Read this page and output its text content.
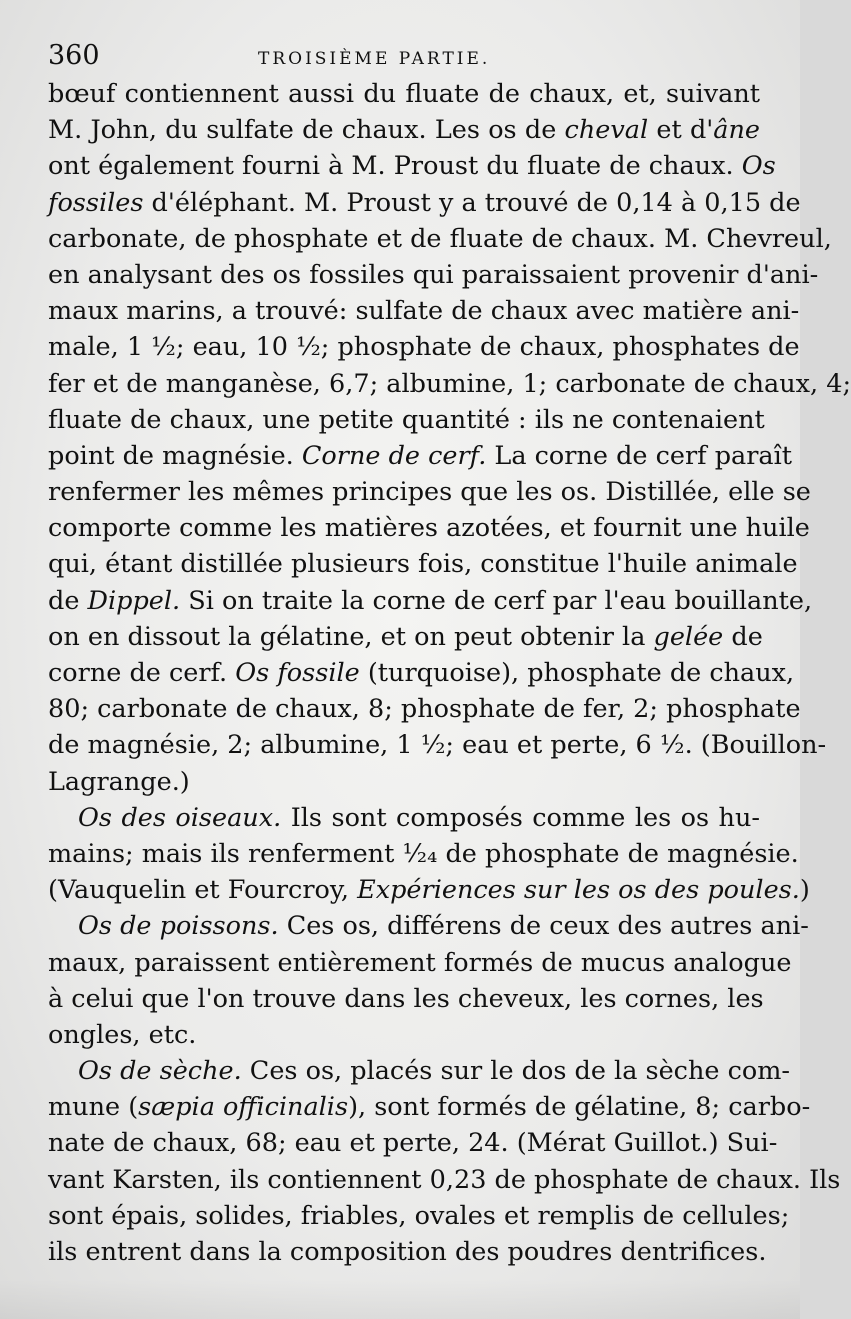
360	TROISIÈME PARTIE.
bœuf contiennent aussi du fluate de chaux, et, suivant
M. John, du sulfate de chaux. Les os de cheval et d'âne
ont également fourni à M. Proust du fluate de chaux. Os
fossiles d'éléphant. M. Proust y a trouvé de 0,14 à 0,15 de
carbonate, de phosphate et de fluate de chaux. M. Chevreul,
en analysant des os fossiles qui paraissaient provenir d'ani-
maux marins, a trouvé: sulfate de chaux avec matière ani-
male, 1 ½; eau, 10 ½; phosphate de chaux, phosphates de
fer et de manganèse, 6,7; albumine, 1; carbonate de chaux, 4;
fluate de chaux, une petite quantité : ils ne contenaient
point de magnésie. Corne de cerf. La corne de cerf paraît
renfermer les mêmes principes que les os. Distillée, elle se
comporte comme les matières azotées, et fournit une huile
qui, étant distillée plusieurs fois, constitue l'huile animale
de Dippel. Si on traite la corne de cerf par l'eau bouillante,
on en dissout la gélatine, et on peut obtenir la gelée de
corne de cerf. Os fossile (turquoise), phosphate de chaux,
80; carbonate de chaux, 8; phosphate de fer, 2; phosphate
de magnésie, 2; albumine, 1 ½; eau et perte, 6 ½. (Bouillon-
Lagrange.)
Os des oiseaux. Ils sont composés comme les os hu-
mains; mais ils renferment ¹⁄₂₄ de phosphate de magnésie.
(Vauquelin et Fourcroy, Expériences sur les os des poules.)
Os de poissons. Ces os, différens de ceux des autres ani-
maux, paraissent entièrement formés de mucus analogue
à celui que l'on trouve dans les cheveux, les cornes, les
ongles, etc.
Os de sèche. Ces os, placés sur le dos de la sèche com-
mune (sæpia officinalis), sont formés de gélatine, 8; carbo-
nate de chaux, 68; eau et perte, 24. (Mérat Guillot.) Sui-
vant Karsten, ils contiennent 0,23 de phosphate de chaux. Ils
sont épais, solides, friables, ovales et remplis de cellules;
ils entrent dans la composition des poudres dentrifices.
